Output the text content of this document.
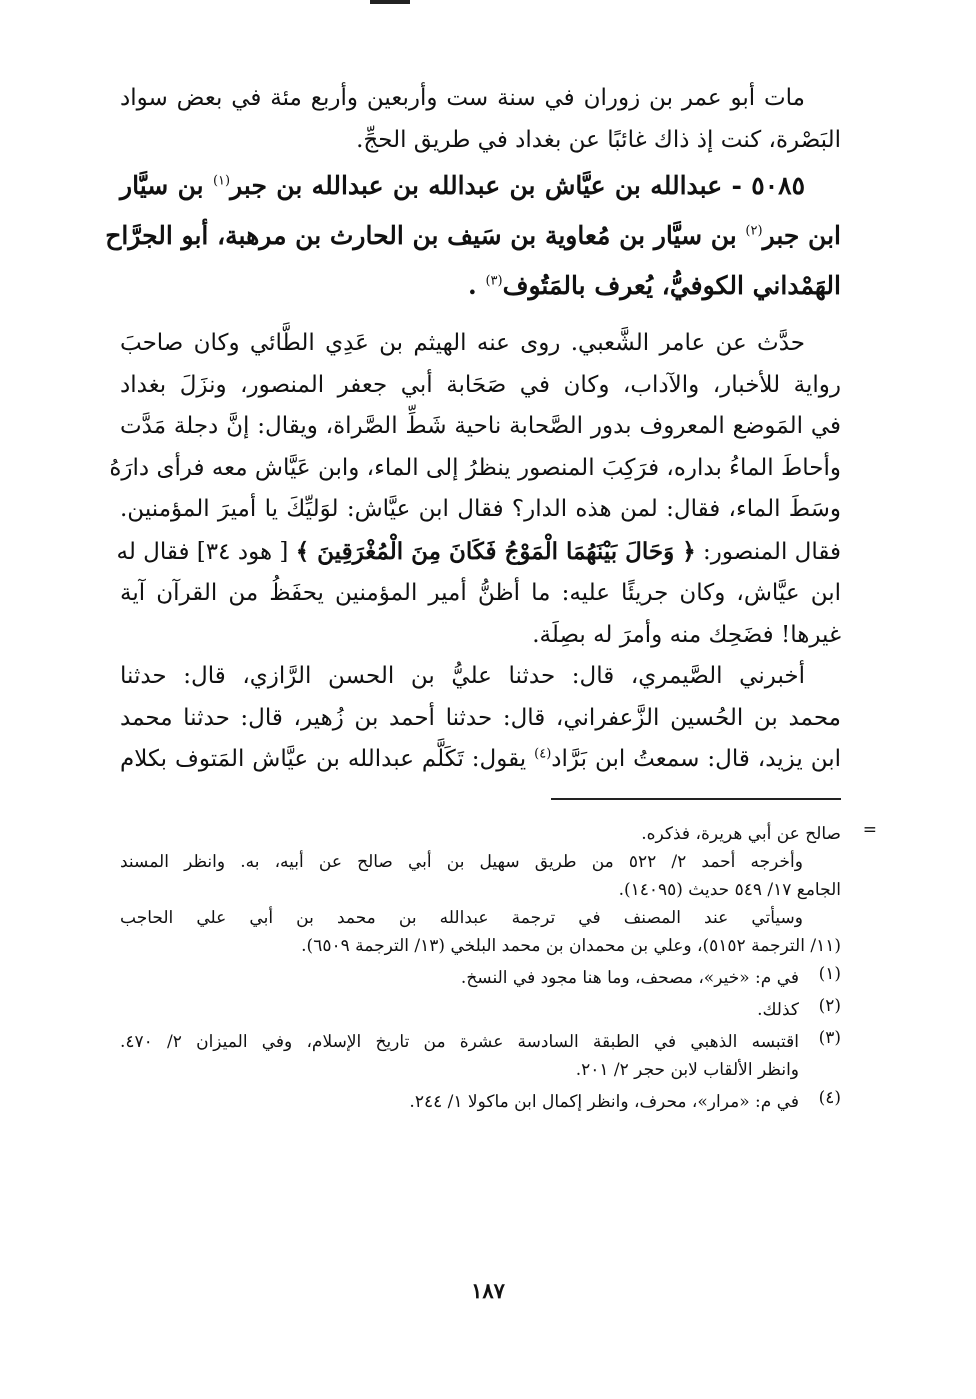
مات أبو عمر بن زوران في سنة ست وأربعين وأربع مئة في بعض سواد
البَصْرة، كنت إذ ذاك غائبًا عن بغداد في طريق الحجِّ.
٥٠٨٥ - عبدالله بن عيَّاش بن عبدالله بن عبدالله بن جبر$^{(١)}$ بن سيَّار
ابن جبر$^{(٢)}$ بن سيَّار بن مُعاوية بن سَيف بن الحارث بن مرهبة، أبو الجرَّاح
الهَمْداني الكوفيُّ، يُعرف بالمَتُوف$^{(٣)}$ .
حدَّث عن عامر الشَّعبي. روى عنه الهيثم بن عَدِي الطَّائي وكان صاحبَ
رواية للأخبار، والآداب، وكان في صَحَابة أبي جعفر المنصور، ونزَلَ بغداد
في المَوضع المعروف بدور الصَّحابة ناحية شَطِّ الصَّراة، ويقال: إنَّ دجلة مَدَّت
وأحاطَ الماءُ بداره، فرَكِبَ المنصور ينظرُ إلى الماء، وابن عَيَّاش معه فرأى دارَهُ
وسَطَ الماء، فقال: لمن هذه الدار؟ فقال ابن عيَّاش: لوَليِّكَ يا أميرَ المؤمنين.
فقال المنصور: ﴿ وَحَالَ بَيْنَهُمَا الْمَوْجُ فَكَانَ مِنَ الْمُغْرَقِينَ ﴾ [ هود ٣٤] فقال له
ابن عيَّاش، وكان جريئًا عليه: ما أظنُّ أمير المؤمنين يحفَظُ من القرآن آية
غيرها! فضَحِك منه وأمرَ له بصِلَة.
أخبرني الصَّيمري، قال: حدثنا عليُّ بن الحسن الرَّازي، قال: حدثنا
محمد بن الحُسين الزَّعفراني، قال: حدثنا أحمد بن زُهير، قال: حدثنا محمد
ابن يزيد، قال: سمعتُ ابن بَرَّاد$^{(٤)}$ يقول: تَكَلَّم عبدالله بن عيَّاش المَتوف بكلام
=
صالح عن أبي هريرة، فذكره.
وأخرجه أحمد ٢/ ٥٢٢ من طريق سهيل بن أبي صالح عن أبيه، به. وانظر المسند
الجامع ١٧/ ٥٤٩ حديث (١٤٠٩٥).
وسيأتي عند المصنف في ترجمة عبدالله بن محمد بن أبي علي الحاجب
(١١/ الترجمة ٥١٥٢)، وعلي بن محمدان بن محمد البلخي (١٣/ الترجمة ٦٥٠٩).
(١)
في م: «خير»، مصحف، وما هنا مجود في النسخ.
(٢)
كذلك.
(٣)
اقتبسه الذهبي في الطبقة السادسة عشرة من تاريخ الإسلام، وفي الميزان ٢/ ٤٧٠.
وانظر الألقاب لابن حجر ٢/ ٢٠١.
(٤)
في م: «مرار»، محرف، وانظر إكمال ابن ماكولا ١/ ٢٤٤.
١٨٧
